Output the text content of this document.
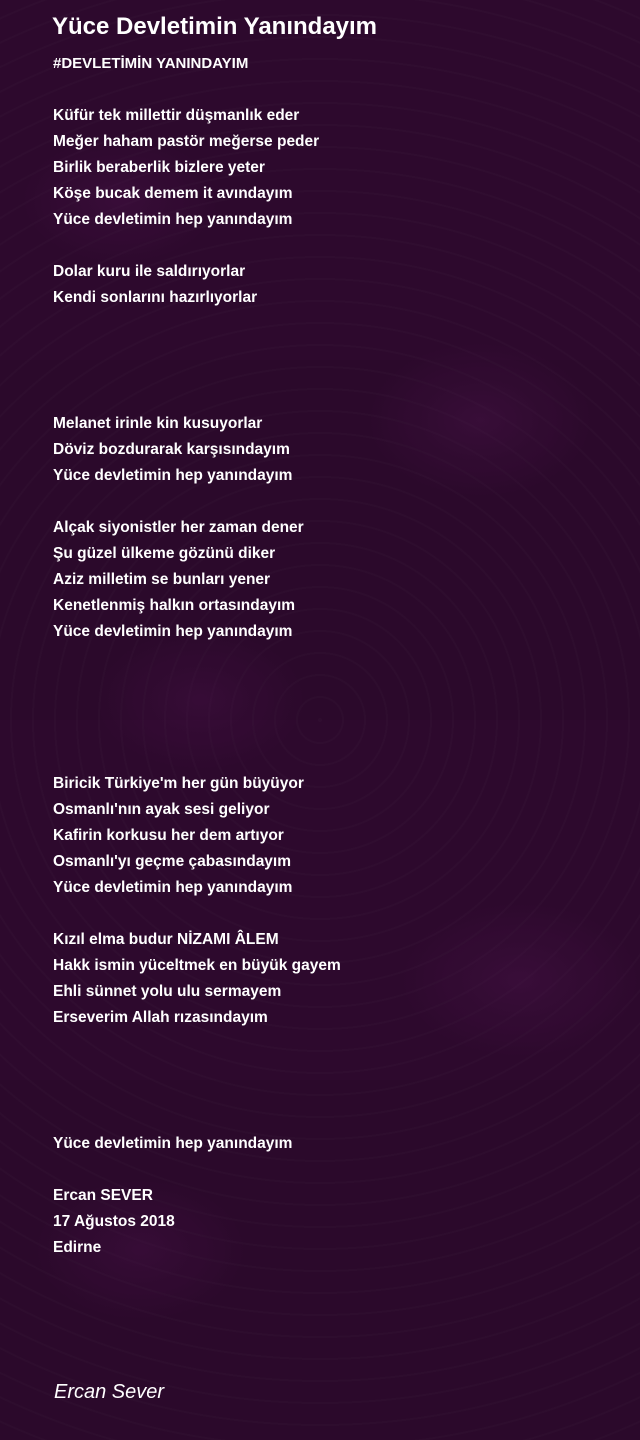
Yüce Devletimin Yanındayım
#DEVLETİMİN YANINDAYIM
Küfür tek millettir düşmanlık eder
Meğer haham pastör meğerse peder
Birlik beraberlik bizlere yeter
Köşe bucak demem it avındayım
Yüce devletimin hep yanındayım
Dolar kuru ile saldırıyorlar
Kendi sonlarını hazırlıyorlar
Melanet irinle kin kusuyorlar
Döviz bozdurarak karşısındayım
Yüce devletimin hep yanındayım
Alçak siyonistler her zaman dener
Şu güzel ülkeme gözünü diker
Aziz milletim se bunları yener
Kenetlenmiş halkın ortasındayım
Yüce devletimin hep yanındayım
Biricik Türkiye'm her gün büyüyor
Osmanlı'nın ayak sesi geliyor
Kafirin korkusu her dem artıyor
Osmanlı'yı geçme çabasındayım
Yüce devletimin hep yanındayım
Kızıl elma budur NİZAMI ÂLEM
Hakk ismin yüceltmek en büyük gayem
Ehli sünnet yolu ulu sermayem
Erseverim Allah rızasındayım
Yüce devletimin hep yanındayım
Ercan SEVER
17 Ağustos 2018
Edirne
Ercan Sever
